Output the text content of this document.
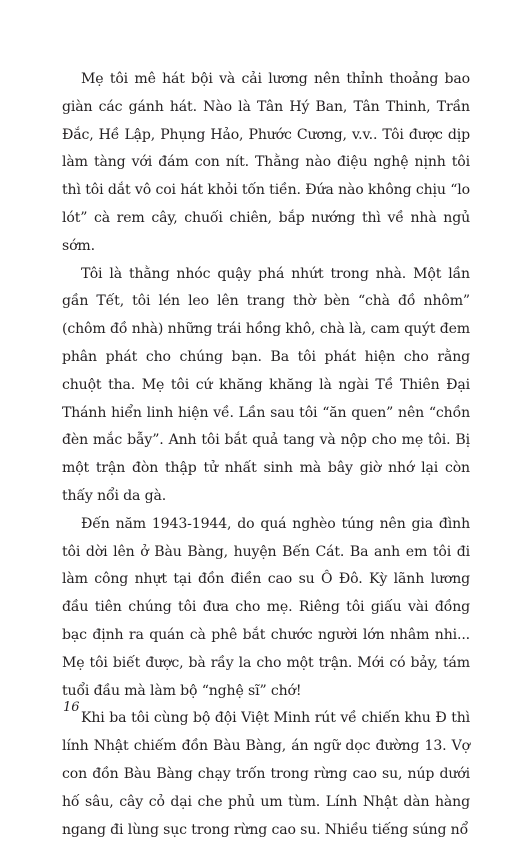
Mẹ tôi mê hát bội và cải lương nên thỉnh thoảng bao giàn các gánh hát. Nào là Tân Hý Ban, Tân Thinh, Trần Đắc, Hề Lập, Phụng Hảo, Phước Cương, v.v.. Tôi được dịp làm tàng với đám con nít. Thằng nào điệu nghệ nịnh tôi thì tôi dắt vô coi hát khỏi tốn tiền. Đứa nào không chịu “lo lót” cà rem cây, chuối chiên, bắp nướng thì về nhà ngủ sớm.

Tôi là thằng nhóc quậy phá nhứt trong nhà. Một lần gần Tết, tôi lén leo lên trang thờ bèn “chà đồ nhôm” (chôm đồ nhà) những trái hồng khô, chà là, cam quýt đem phân phát cho chúng bạn. Ba tôi phát hiện cho rằng chuột tha. Mẹ tôi cứ khăng khăng là ngài Tề Thiên Đại Thánh hiển linh hiện về. Lần sau tôi “ăn quen” nên “chồn đèn mắc bẫy”. Anh tôi bắt quả tang và nộp cho mẹ tôi. Bị một trận đòn thập tử nhất sinh mà bây giờ nhớ lại còn thấy nổi da gà.

Đến năm 1943-1944, do quá nghèo túng nên gia đình tôi dời lên ở Bàu Bàng, huyện Bến Cát. Ba anh em tôi đi làm công nhựt tại đồn điền cao su Ô Đô. Kỳ lãnh lương đầu tiên chúng tôi đưa cho mẹ. Riêng tôi giấu vài đồng bạc định ra quán cà phê bắt chước người lớn nhâm nhi... Mẹ tôi biết được, bà rầy la cho một trận. Mới có bảy, tám tuổi đầu mà làm bộ “nghệ sĩ” chớ!

Khi ba tôi cùng bộ đội Việt Minh rút về chiến khu Đ thì lính Nhật chiếm đồn Bàu Bàng, án ngữ dọc đường 13. Vợ con đồn Bàu Bàng chạy trốn trong rừng cao su, núp dưới hố sâu, cây cỏ dại che phủ um tùm. Lính Nhật dàn hàng ngang đi lùng sục trong rừng cao su. Nhiều tiếng súng nổ

16
